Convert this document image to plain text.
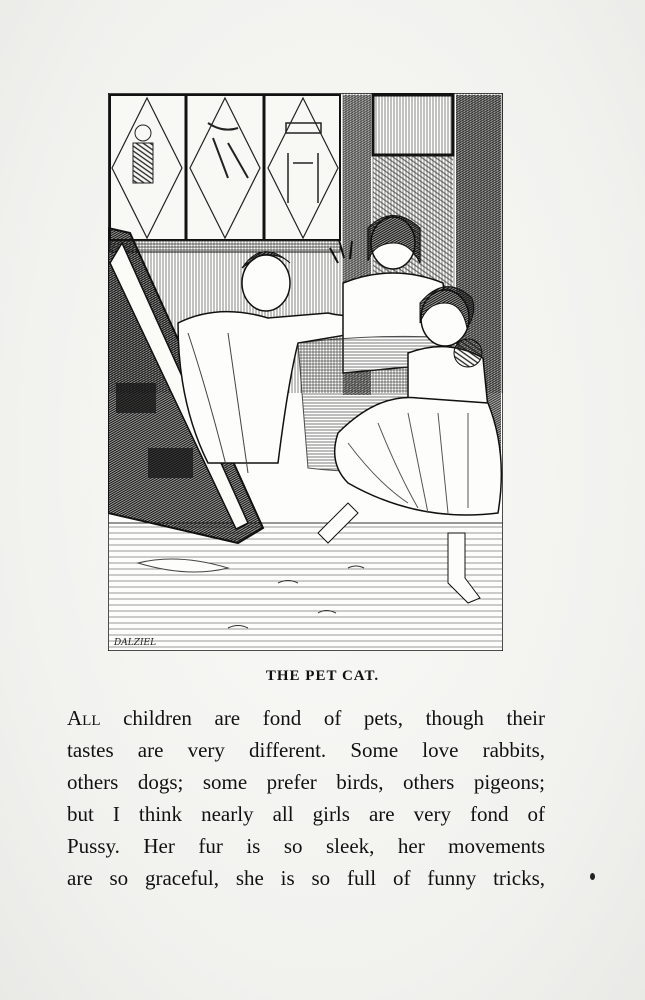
DALZIEL
THE PET CAT.
All children are fond of pets, though their
tastes are very different. Some love rabbits,
others dogs; some prefer birds, others pigeons;
but I think nearly all girls are very fond of
Pussy. Her fur is so sleek, her movements
are so graceful, she is so full of funny tricks,
